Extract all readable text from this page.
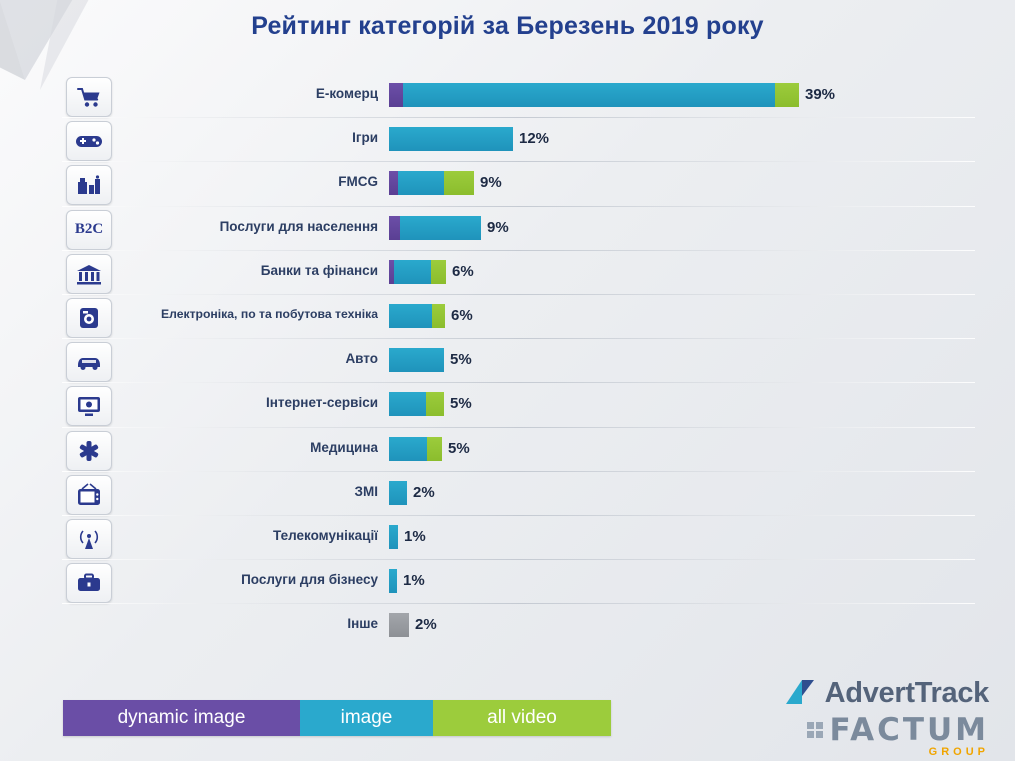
Рейтинг категорій за Березень 2019 року
Е-комерц	39%
Ігри	12%
FMCG	9%
B2C	Послуги для населення	9%
Банки та фінанси	6%
Електроніка, по та побутова техніка	6%
Авто	5%
Інтернет-сервіси	5%
Медицина	5%
ЗМІ 2%
Телекомунікації 1%
Послуги для бізнесу 1%
Інше 2%
dynamic image	image	all video
AdvertTrack
FACTUM
GROUP
